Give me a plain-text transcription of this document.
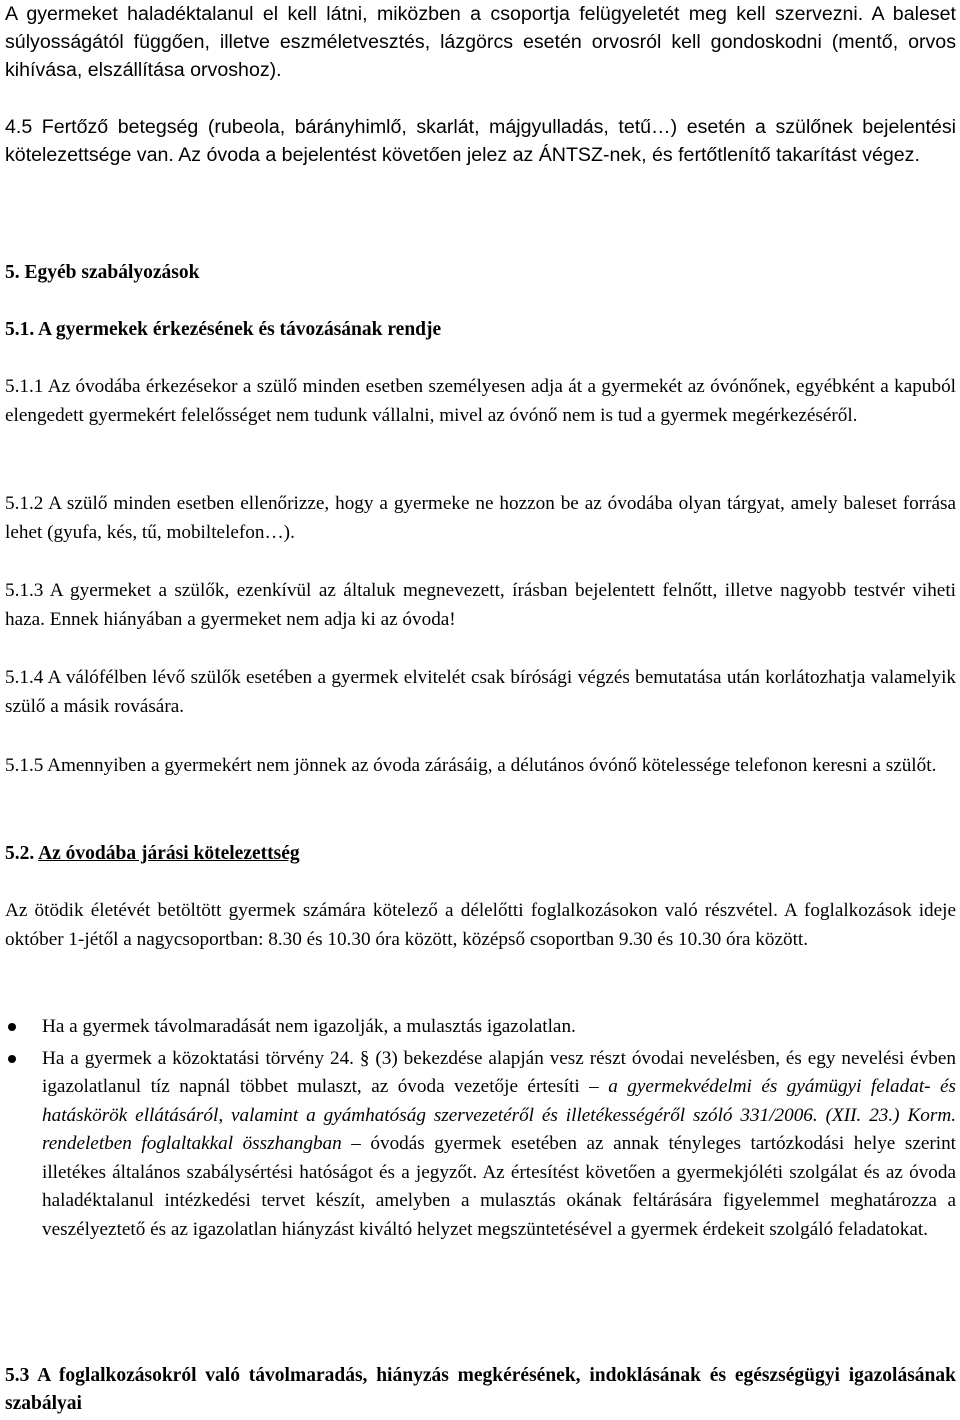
A gyermeket haladéktalanul el kell látni, miközben a csoportja felügyeletét meg kell szervezni. A baleset súlyosságától függően, illetve eszméletvesztés, lázgörcs esetén orvosról kell gondoskodni (mentő, orvos kihívása, elszállítása orvoshoz).

4.5 Fertőző betegség (rubeola, bárányhimlő, skarlát, májgyulladás, tetű…) esetén a szülőnek bejelentési kötelezettsége van. Az óvoda a bejelentést követően jelez az ÁNTSZ-nek, és fertőtlenítő takarítást végez.

5. Egyéb szabályozások
5.1. A gyermekek érkezésének és távozásának rendje

5.1.1 Az óvodába érkezésekor a szülő minden esetben személyesen adja át a gyermekét az óvónőnek, egyébként a kapuból elengedett gyermekért felelősséget nem tudunk vállalni, mivel az óvónő nem is tud a gyermek megérkezéséről.

5.1.2 A szülő minden esetben ellenőrizze, hogy a gyermeke ne hozzon be az óvodába olyan tárgyat, amely baleset forrása lehet (gyufa, kés, tű, mobiltelefon…).

5.1.3 A gyermeket a szülők, ezenkívül az általuk megnevezett, írásban bejelentett felnőtt, illetve nagyobb testvér viheti haza. Ennek hiányában a gyermeket nem adja ki az óvoda!

5.1.4 A válófélben lévő szülők esetében a gyermek elvitelét csak bírósági végzés bemutatása után korlátozhatja valamelyik szülő a másik rovására.

5.1.5 Amennyiben a gyermekért nem jönnek az óvoda zárásáig, a délutános óvónő kötelessége telefonon keresni a szülőt.

5.2. Az óvodába járási kötelezettség

Az ötödik életévét betöltött gyermek számára kötelező a délelőtti foglalkozásokon való részvétel. A foglalkozások ideje október 1-jétől a nagycsoportban: 8.30 és 10.30 óra között, középső csoportban 9.30 és 10.30 óra között.

Ha a gyermek távolmaradását nem igazolják, a mulasztás igazolatlan.

Ha a gyermek a közoktatási törvény 24. § (3) bekezdése alapján vesz részt óvodai nevelésben, és egy nevelési évben igazolatlanul tíz napnál többet mulaszt, az óvoda vezetője értesíti – a gyermekvédelmi és gyámügyi feladat- és hatáskörök ellátásáról, valamint a gyámhatóság szervezetéről és illetékességéről szóló 331/2006. (XII. 23.) Korm. rendeletben foglaltakkal összhangban – óvodás gyermek esetében az annak tényleges tartózkodási helye szerint illetékes általános szabálysértési hatóságot és a jegyzőt. Az értesítést követően a gyermekjóléti szolgálat és az óvoda haladéktalanul intézkedési tervet készít, amelyben a mulasztás okának feltárására figyelemmel meghatározza a veszélyeztető és az igazolatlan hiányzást kiváltó helyzet megszüntetésével a gyermek érdekeit szolgáló feladatokat.

5.3 A foglalkozásokról való távolmaradás, hiányzás megkérésének, indoklásának és egészségügyi igazolásának szabályai
